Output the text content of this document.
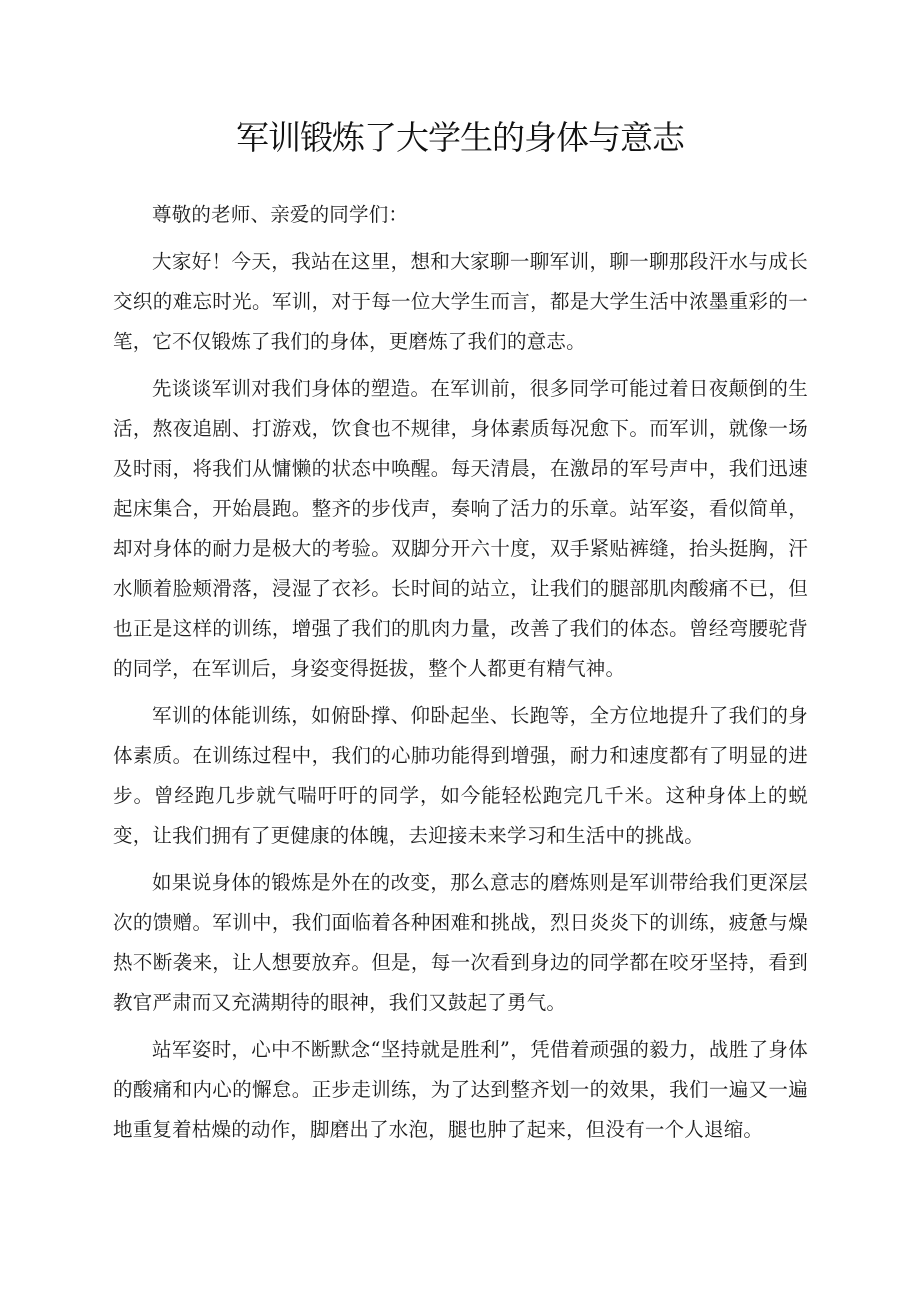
军训锻炼了大学生的身体与意志

尊敬的老师、亲爱的同学们：

大家好！今天，我站在这里，想和大家聊一聊军训，聊一聊那段汗水与成长交织的难忘时光。军训，对于每一位大学生而言，都是大学生活中浓墨重彩的一笔，它不仅锻炼了我们的身体，更磨炼了我们的意志。

先谈谈军训对我们身体的塑造。在军训前，很多同学可能过着日夜颠倒的生活，熬夜追剧、打游戏，饮食也不规律，身体素质每况愈下。而军训，就像一场及时雨，将我们从慵懒的状态中唤醒。每天清晨，在激昂的军号声中，我们迅速起床集合，开始晨跑。整齐的步伐声，奏响了活力的乐章。站军姿，看似简单，却对身体的耐力是极大的考验。双脚分开六十度，双手紧贴裤缝，抬头挺胸，汗水顺着脸颊滑落，浸湿了衣衫。长时间的站立，让我们的腿部肌肉酸痛不已，但也正是这样的训练，增强了我们的肌肉力量，改善了我们的体态。曾经弯腰驼背的同学，在军训后，身姿变得挺拔，整个人都更有精气神。

军训的体能训练，如俯卧撑、仰卧起坐、长跑等，全方位地提升了我们的身体素质。在训练过程中，我们的心肺功能得到增强，耐力和速度都有了明显的进步。曾经跑几步就气喘吁吁的同学，如今能轻松跑完几千米。这种身体上的蜕变，让我们拥有了更健康的体魄，去迎接未来学习和生活中的挑战。

如果说身体的锻炼是外在的改变，那么意志的磨炼则是军训带给我们更深层次的馈赠。军训中，我们面临着各种困难和挑战，烈日炎炎下的训练，疲惫与燥热不断袭来，让人想要放弃。但是，每一次看到身边的同学都在咬牙坚持，看到教官严肃而又充满期待的眼神，我们又鼓起了勇气。

站军姿时，心中不断默念“坚持就是胜利”，凭借着顽强的毅力，战胜了身体的酸痛和内心的懈怠。正步走训练，为了达到整齐划一的效果，我们一遍又一遍地重复着枯燥的动作，脚磨出了水泡，腿也肿了起来，但没有一个人退缩。
